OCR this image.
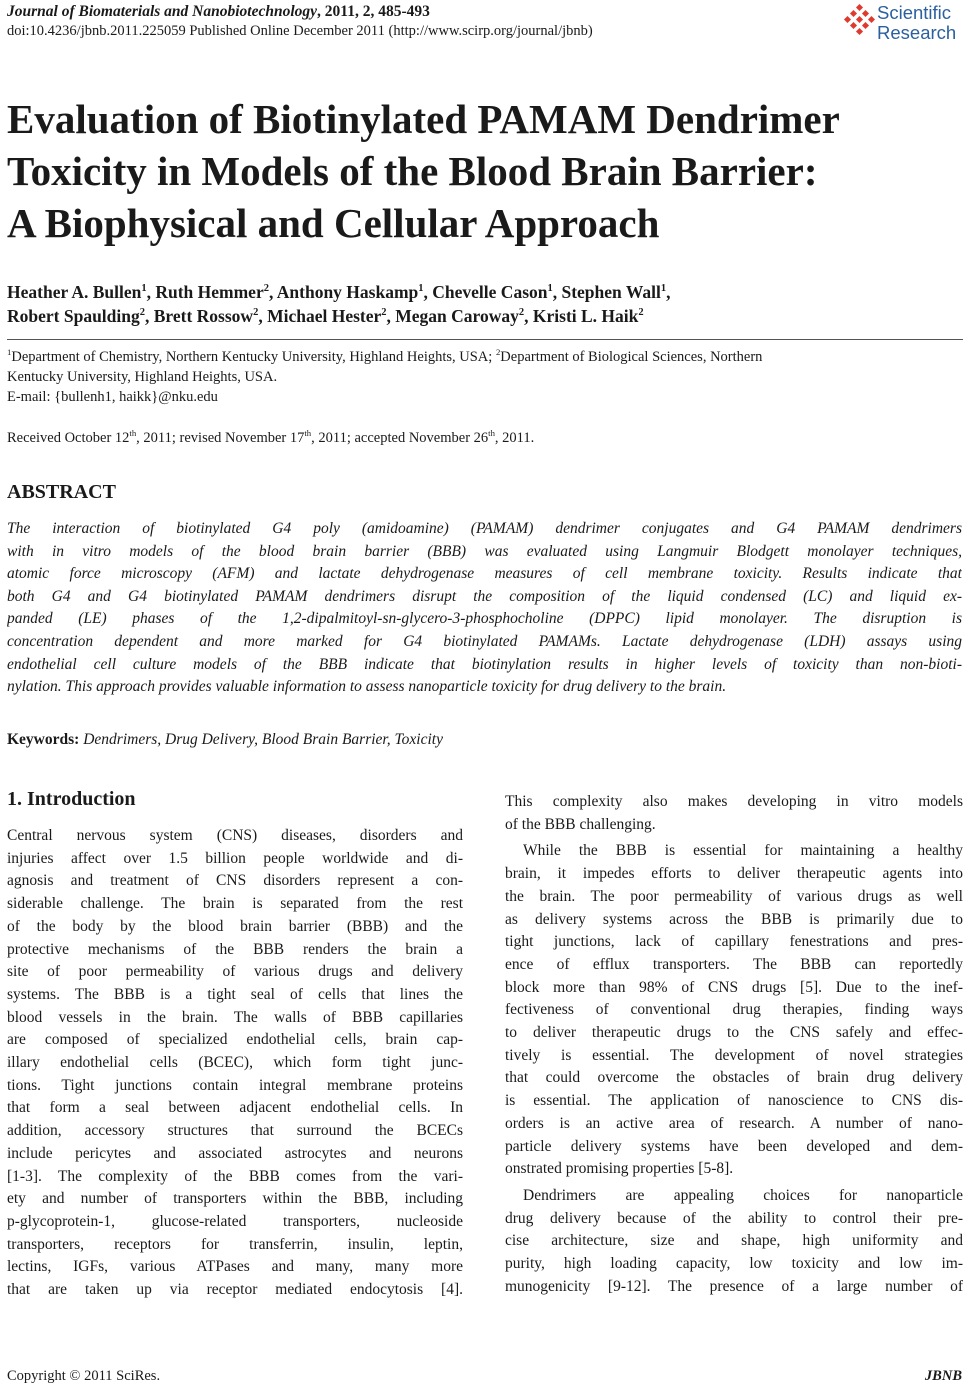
Journal of Biomaterials and Nanobiotechnology, 2011, 2, 485-493
doi:10.4236/jbnb.2011.225059 Published Online December 2011 (http://www.scirp.org/journal/jbnb)
Scientific
Research
Evaluation of Biotinylated PAMAM Dendrimer
Toxicity in Models of the Blood Brain Barrier:
A Biophysical and Cellular Approach
Heather A. Bullen$^1$, Ruth Hemmer$^2$, Anthony Haskamp$^1$, Chevelle Cason$^1$, Stephen Wall$^1$,
Robert Spaulding$^2$, Brett Rossow$^2$, Michael Hester$^2$, Megan Caroway$^2$, Kristi L. Haik$^2$
$^1$Department of Chemistry, Northern Kentucky University, Highland Heights, USA; $^2$Department of Biological Sciences, Northern
Kentucky University, Highland Heights, USA.
E-mail: {bullenh1, haikk}@nku.edu
Received October 12th, 2011; revised November 17th, 2011; accepted November 26th, 2011.
ABSTRACT
The interaction of biotinylated G4 poly (amidoamine) (PAMAM) dendrimer conjugates and G4 PAMAM dendrimers
with in vitro models of the blood brain barrier (BBB) was evaluated using Langmuir Blodgett monolayer techniques,
atomic force microscopy (AFM) and lactate dehydrogenase measures of cell membrane toxicity. Results indicate that
both G4 and G4 biotinylated PAMAM dendrimers disrupt the composition of the liquid condensed (LC) and liquid ex-
panded (LE) phases of the 1,2-dipalmitoyl-sn-glycero-3-phosphocholine (DPPC) lipid monolayer. The disruption is
concentration dependent and more marked for G4 biotinylated PAMAMs. Lactate dehydrogenase (LDH) assays using
endothelial cell culture models of the BBB indicate that biotinylation results in higher levels of toxicity than non-bioti-
nylation. This approach provides valuable information to assess nanoparticle toxicity for drug delivery to the brain.
Keywords: Dendrimers, Drug Delivery, Blood Brain Barrier, Toxicity
1. Introduction
Central nervous system (CNS) diseases, disorders and
injuries affect over 1.5 billion people worldwide and di-
agnosis and treatment of CNS disorders represent a con-
siderable challenge. The brain is separated from the rest
of the body by the blood brain barrier (BBB) and the
protective mechanisms of the BBB renders the brain a
site of poor permeability of various drugs and delivery
systems. The BBB is a tight seal of cells that lines the
blood vessels in the brain. The walls of BBB capillaries
are composed of specialized endothelial cells, brain cap-
illary endothelial cells (BCEC), which form tight junc-
tions. Tight junctions contain integral membrane proteins
that form a seal between adjacent endothelial cells. In
addition, accessory structures that surround the BCECs
include pericytes and associated astrocytes and neurons
[1-3]. The complexity of the BBB comes from the vari-
ety and number of transporters within the BBB, including
p-glycoprotein-1, glucose-related transporters, nucleoside
transporters, receptors for transferrin, insulin, leptin,
lectins, IGFs, various ATPases and many, many more
that are taken up via receptor mediated endocytosis [4].
This complexity also makes developing in vitro models
of the BBB challenging.
While the BBB is essential for maintaining a healthy
brain, it impedes efforts to deliver therapeutic agents into
the brain. The poor permeability of various drugs as well
as delivery systems across the BBB is primarily due to
tight junctions, lack of capillary fenestrations and pres-
ence of efflux transporters. The BBB can reportedly
block more than 98% of CNS drugs [5]. Due to the inef-
fectiveness of conventional drug therapies, finding ways
to deliver therapeutic drugs to the CNS safely and effec-
tively is essential. The development of novel strategies
that could overcome the obstacles of brain drug delivery
is essential. The application of nanoscience to CNS dis-
orders is an active area of research. A number of nano-
particle delivery systems have been developed and dem-
onstrated promising properties [5-8].
Dendrimers are appealing choices for nanoparticle
drug delivery because of the ability to control their pre-
cise architecture, size and shape, high uniformity and
purity, high loading capacity, low toxicity and low im-
munogenicity [9-12]. The presence of a large number of
Copyright © 2011 SciRes.	JBNB
